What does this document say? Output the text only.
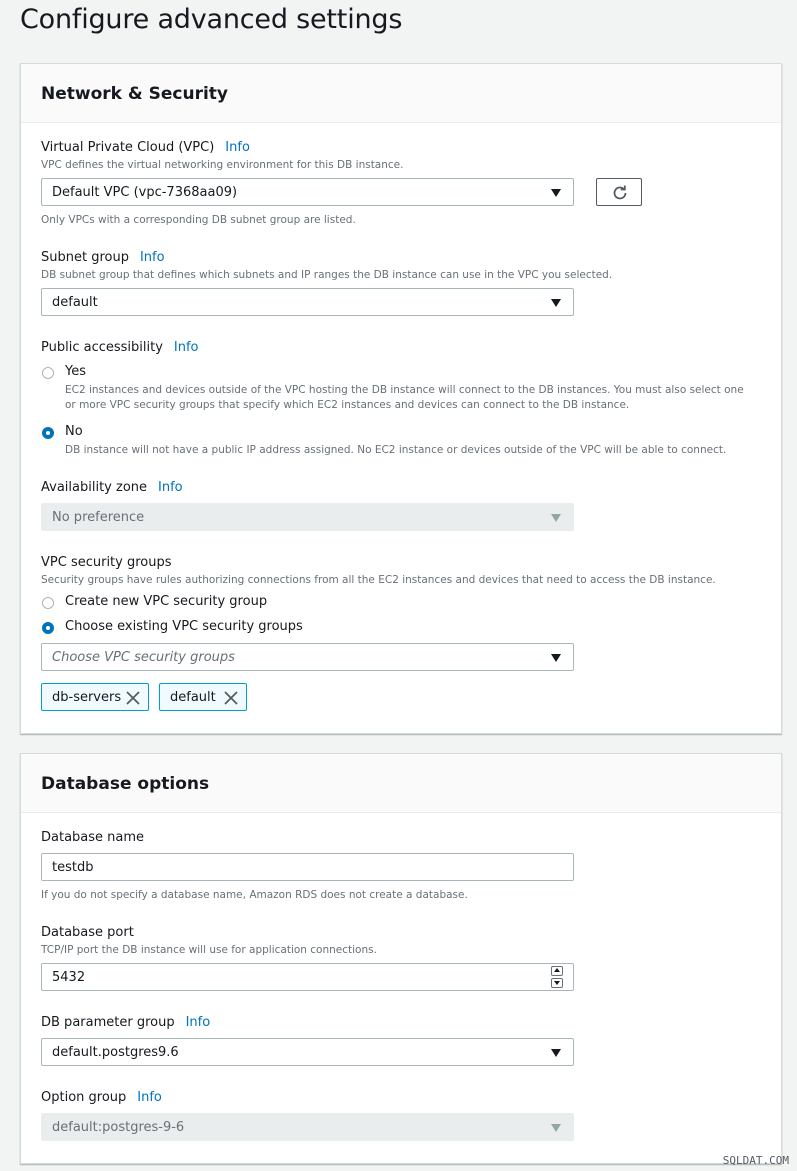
Configure advanced settings
Network & Security
Virtual Private Cloud (VPC) Info
VPC defines the virtual networking environment for this DB instance.
Default VPC (vpc-7368aa09)
Only VPCs with a corresponding DB subnet group are listed.
Subnet group Info
DB subnet group that defines which subnets and IP ranges the DB instance can use in the VPC you selected.
default
Public accessibility Info
Yes
EC2 instances and devices outside of the VPC hosting the DB instance will connect to the DB instances. You must also select one
or more VPC security groups that specify which EC2 instances and devices can connect to the DB instance.
No
DB instance will not have a public IP address assigned. No EC2 instance or devices outside of the VPC will be able to connect.
Availability zone Info
No preference
VPC security groups
Security groups have rules authorizing connections from all the EC2 instances and devices that need to access the DB instance.
Create new VPC security group
Choose existing VPC security groups
Choose VPC security groups
db-servers	default
Database options
Database name
testdb
If you do not specify a database name, Amazon RDS does not create a database.
Database port
TCP/IP port the DB instance will use for application connections.
5432
DB parameter group Info
default.postgres9.6
Option group Info
default:postgres-9-6
SQLDAT.COM
